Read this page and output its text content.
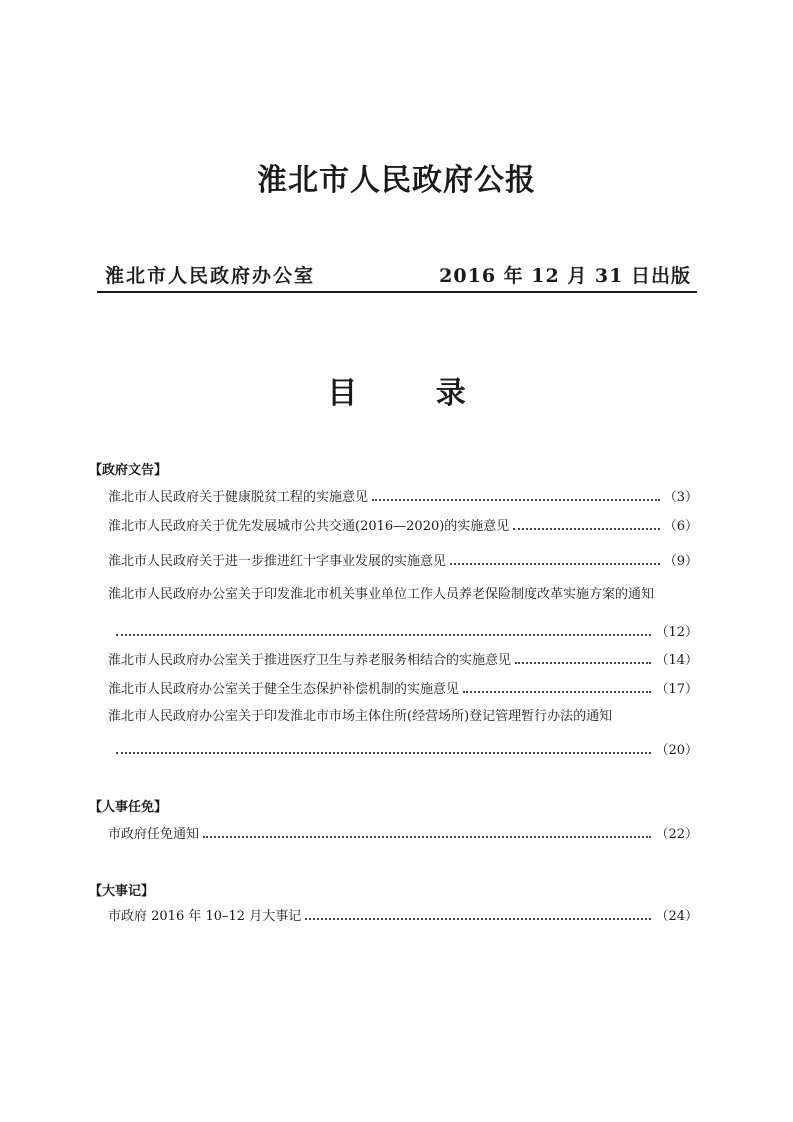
淮北市人民政府公报
淮北市人民政府办公室	2016 年 12 月 31 日出版
目	录
【政府文告】
淮北市人民政府关于健康脱贫工程的实施意见	（3）
淮北市人民政府关于优先发展城市公共交通(2016—2020)的实施意见	（6）
淮北市人民政府关于进一步推进红十字事业发展的实施意见	（9）
淮北市人民政府办公室关于印发淮北市机关事业单位工作人员养老保险制度改革实施方案的通知
（12）
淮北市人民政府办公室关于推进医疗卫生与养老服务相结合的实施意见	（14）
淮北市人民政府办公室关于健全生态保护补偿机制的实施意见	（17）
淮北市人民政府办公室关于印发淮北市市场主体住所(经营场所)登记管理暂行办法的通知
（20）
【人事任免】
市政府任免通知	（22）
【大事记】
市政府 2016 年 10–12 月大事记	（24）
